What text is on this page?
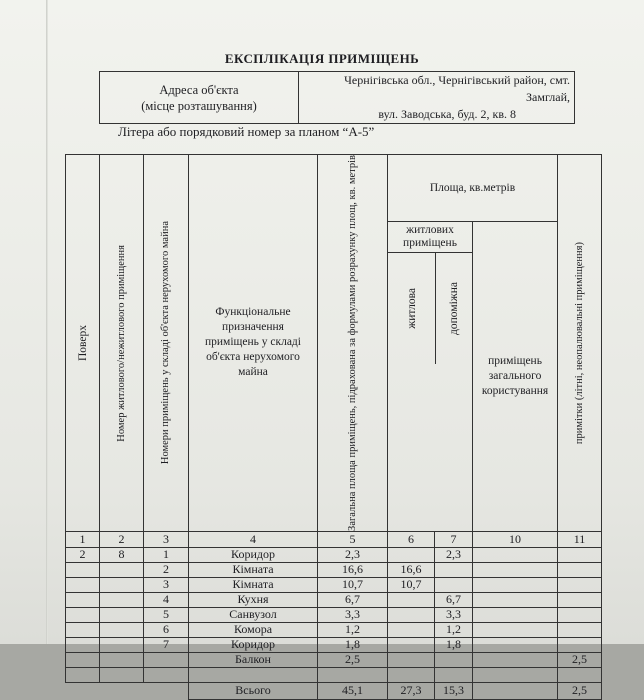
ЕКСПЛІКАЦІЯ ПРИМІЩЕНЬ
Адреса об'єкта
(місце розташування)

Чернігівська обл., Чернігівський район, смт. Замглай,
вул. Заводська, буд. 2, кв. 8
Літера або порядковий номер за планом “А-5”
Поверх	Номер житлового/нежитлового приміщення	Номери приміщень у складі об'єкта нерухомого майна	Функціональне призначення приміщень у складі об'єкта нерухомого майна	Загальна площа приміщень, підрахована за формулами розрахунку площ, кв. метрів	Площа, кв.метрів			примітки (літні, неопалювальні приміщення)

житлових приміщень
житлова допоміжна		приміщень загального користування	
1	2	3	4	5	6	7	10	11
2	8	1	Коридор	2,3		2,3		
		2	Кімната	16,6	16,6			
		3	Кімната	10,7	10,7			
		4	Кухня	6,7		6,7		
		5	Санвузол	3,3		3,3		
		6	Комора	1,2		1,2		
		7	Коридор	1,8		1,8		
			Балкон	2,5				2,5

			Всього	45,1	27,3	15,3		2,5
